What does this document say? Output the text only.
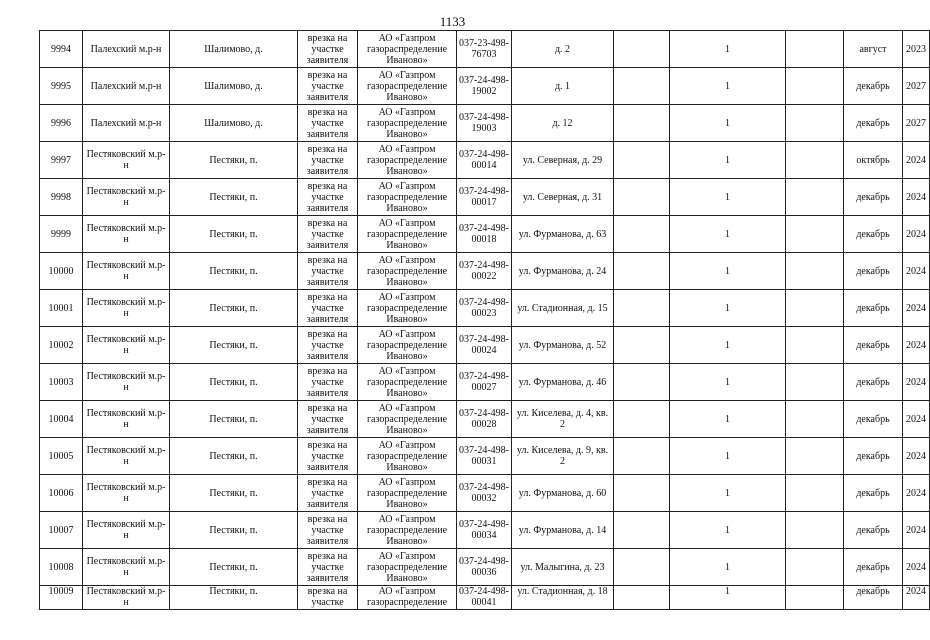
1133
9994	Палехский м.р-н	Шалимово, д.	врезка на участке заявителя	АО «Газпром газораспределение Иваново»	037-23-498-76703	д. 2		1		август	2023
9995	Палехский м.р-н	Шалимово, д.	врезка на участке заявителя	АО «Газпром газораспределение Иваново»	037-24-498-19002	д. 1		1		декабрь	2027
9996	Палехский м.р-н	Шалимово, д.	врезка на участке заявителя	АО «Газпром газораспределение Иваново»	037-24-498-19003	д. 12		1		декабрь	2027
9997	Пестяковский м.р-н	Пестяки, п.	врезка на участке заявителя	АО «Газпром газораспределение Иваново»	037-24-498-00014	ул. Северная, д. 29		1		октябрь	2024
9998	Пестяковский м.р-н	Пестяки, п.	врезка на участке заявителя	АО «Газпром газораспределение Иваново»	037-24-498-00017	ул. Северная, д. 31		1		декабрь	2024
9999	Пестяковский м.р-н	Пестяки, п.	врезка на участке заявителя	АО «Газпром газораспределение Иваново»	037-24-498-00018	ул. Фурманова, д. 63		1		декабрь	2024
10000	Пестяковский м.р-н	Пестяки, п.	врезка на участке заявителя	АО «Газпром газораспределение Иваново»	037-24-498-00022	ул. Фурманова, д. 24		1		декабрь	2024
10001	Пестяковский м.р-н	Пестяки, п.	врезка на участке заявителя	АО «Газпром газораспределение Иваново»	037-24-498-00023	ул. Стадионная, д. 15		1		декабрь	2024
10002	Пестяковский м.р-н	Пестяки, п.	врезка на участке заявителя	АО «Газпром газораспределение Иваново»	037-24-498-00024	ул. Фурманова, д. 52		1		декабрь	2024
10003	Пестяковский м.р-н	Пестяки, п.	врезка на участке заявителя	АО «Газпром газораспределение Иваново»	037-24-498-00027	ул. Фурманова, д. 46		1		декабрь	2024
10004	Пестяковский м.р-н	Пестяки, п.	врезка на участке заявителя	АО «Газпром газораспределение Иваново»	037-24-498-00028	ул. Киселева, д. 4, кв. 2		1		декабрь	2024
10005	Пестяковский м.р-н	Пестяки, п.	врезка на участке заявителя	АО «Газпром газораспределение Иваново»	037-24-498-00031	ул. Киселева, д. 9, кв. 2		1		декабрь	2024
10006	Пестяковский м.р-н	Пестяки, п.	врезка на участке заявителя	АО «Газпром газораспределение Иваново»	037-24-498-00032	ул. Фурманова, д. 60		1		декабрь	2024
10007	Пестяковский м.р-н	Пестяки, п.	врезка на участке заявителя	АО «Газпром газораспределение Иваново»	037-24-498-00034	ул. Фурманова, д. 14		1		декабрь	2024
10008	Пестяковский м.р-н	Пестяки, п.	врезка на участке заявителя	АО «Газпром газораспределение Иваново»	037-24-498-00036	ул. Малыгина, д. 23		1		декабрь	2024
10009	Пестяковский м.р-н	Пестяки, п.	врезка на участке	АО «Газпром газораспределение	037-24-498-00041	ул. Стадионная, д. 18		1		декабрь	2024
